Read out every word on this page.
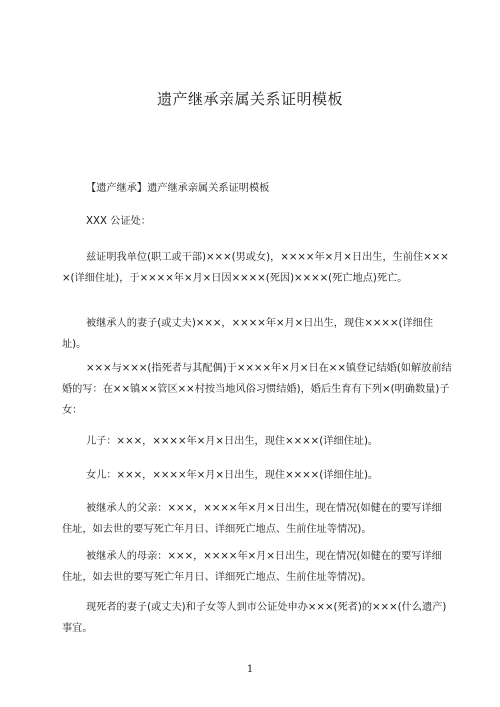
遗产继承亲属关系证明模板

【遗产继承】遗产继承亲属关系证明模板

XXX 公证处：

兹证明我单位(职工或干部)×××(男或女)，××××年×月×日出生，生前住××××(详细住址)，于××××年×月×日因××××(死因)××××(死亡地点)死亡。

被继承人的妻子(或丈夫)×××，××××年×月×日出生，现住××××(详细住址)。

×××与×××(指死者与其配偶)于××××年×月×日在××镇登记结婚(如解放前结婚的写：在××镇××管区××村按当地风俗习惯结婚)，婚后生育有下列×(明确数量)子女：

儿子：×××，××××年×月×日出生，现住××××(详细住址)。

女儿：×××，××××年×月×日出生，现住××××(详细住址)。

被继承人的父亲：×××，××××年×月×日出生，现在情况(如健在的要写详细住址，如去世的要写死亡年月日、详细死亡地点、生前住址等情况)。

被继承人的母亲：×××，××××年×月×日出生，现在情况(如健在的要写详细住址，如去世的要写死亡年月日、详细死亡地点、生前住址等情况)。

现死者的妻子(或丈夫)和子女等人到市公证处申办×××(死者)的×××(什么遗产)事宜。

1
